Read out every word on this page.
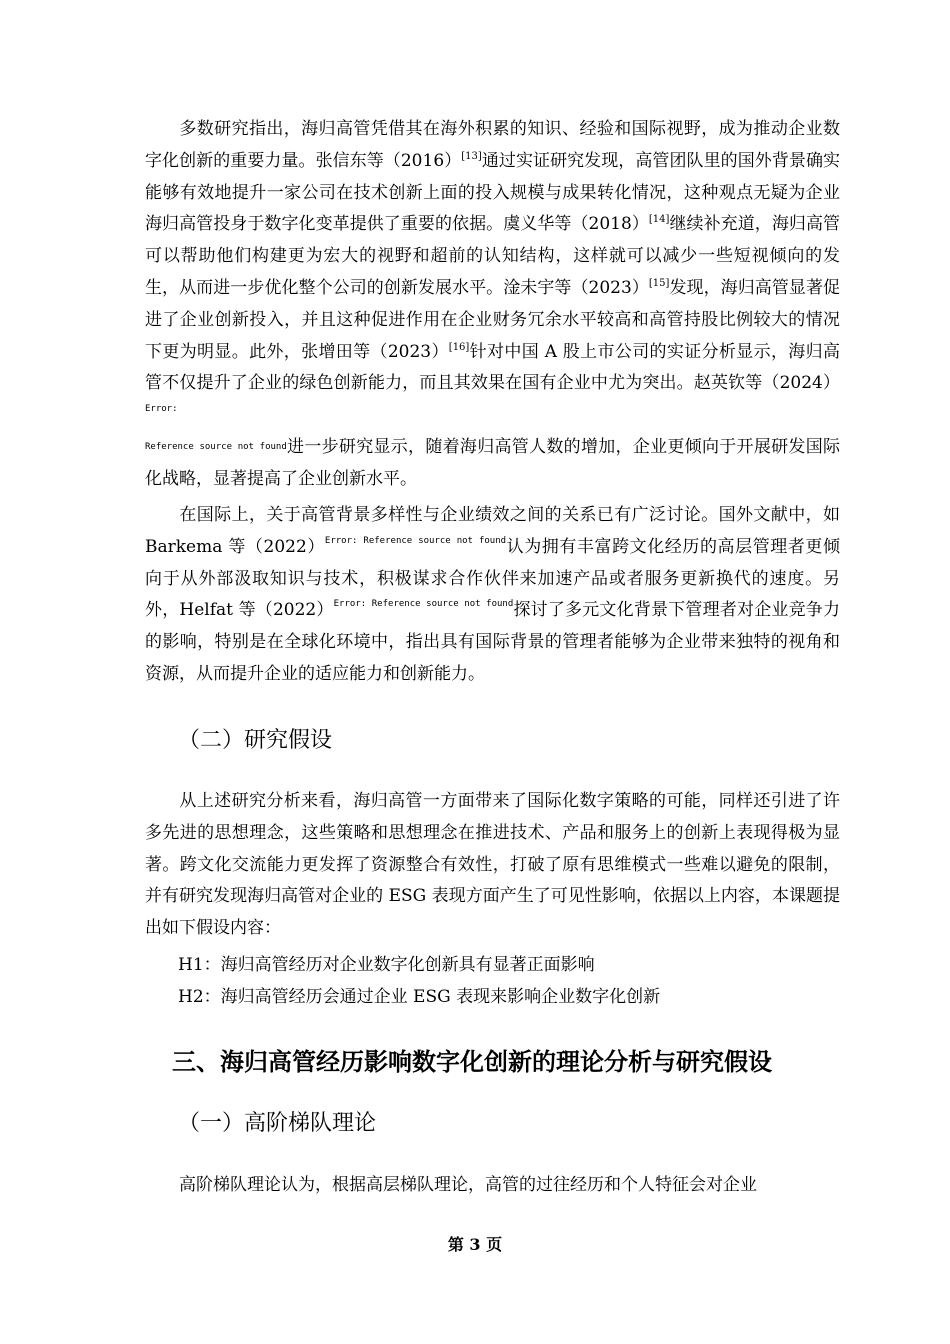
多数研究指出，海归高管凭借其在海外积累的知识、经验和国际视野，成为推动企业数字化创新的重要力量。张信东等（2016）[13]通过实证研究发现，高管团队里的国外背景确实能够有效地提升一家公司在技术创新上面的投入规模与成果转化情况，这种观点无疑为企业海归高管投身于数字化变革提供了重要的依据。虞义华等（2018）[14]继续补充道，海归高管可以帮助他们构建更为宏大的视野和超前的认知结构，这样就可以减少一些短视倾向的发生，从而进一步优化整个公司的创新发展水平。淦未宇等（2023）[15]发现，海归高管显著促进了企业创新投入，并且这种促进作用在企业财务冗余水平较高和高管持股比例较大的情况下更为明显。此外，张增田等（2023）[16]针对中国 A 股上市公司的实证分析显示，海归高管不仅提升了企业的绿色创新能力，而且其效果在国有企业中尤为突出。赵英钦等$(2024)^{Error:}$
Reference source not found进一步研究显示，随着海归高管人数的增加，企业更倾向于开展研发国际化战略，显著提高了企业创新水平。

在国际上，关于高管背景多样性与企业绩效之间的关系已有广泛讨论。国外文献中，如 Barkema 等$(2022)^{Error: Reference source not found}$认为拥有丰富跨文化经历的高层管理者更倾向于从外部汲取知识与技术，积极谋求合作伙伴来加速产品或者服务更新换代的速度。另外，Helfat 等$(2022)^{Error: Reference source not found}$探讨了多元文化背景下管理者对企业竞争力的影响，特别是在全球化环境中，指出具有国际背景的管理者能够为企业带来独特的视角和资源，从而提升企业的适应能力和创新能力。

（二）研究假设

从上述研究分析来看，海归高管一方面带来了国际化数字策略的可能，同样还引进了许多先进的思想理念，这些策略和思想理念在推进技术、产品和服务上的创新上表现得极为显著。跨文化交流能力更发挥了资源整合有效性，打破了原有思维模式一些难以避免的限制，并有研究发现海归高管对企业的 ESG 表现方面产生了可见性影响，依据以上内容，本课题提出如下假设内容：

H1：海归高管经历对企业数字化创新具有显著正面影响
H2：海归高管经历会通过企业 ESG 表现来影响企业数字化创新
三、海归高管经历影响数字化创新的理论分析与研究假设
（一）高阶梯队理论

高阶梯队理论认为，根据高层梯队理论，高管的过往经历和个人特征会对企业

第 3 页
